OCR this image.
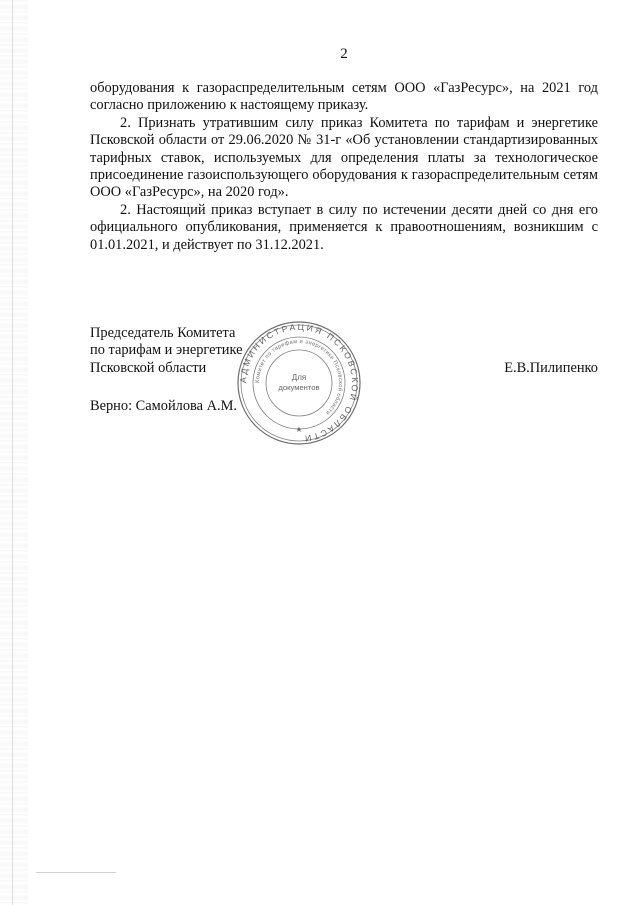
2

оборудования к газораспределительным сетям ООО «ГазРесурс», на 2021 год согласно приложению к настоящему приказу.

2. Признать утратившим силу приказ Комитета по тарифам и энергетике Псковской области от 29.06.2020 № 31-г «Об установлении стандартизированных тарифных ставок, используемых для определения платы за технологическое присоединение газоиспользующего оборудования к газораспределительным сетям ООО «ГазРесурс», на 2020 год».

2. Настоящий приказ вступает в силу по истечении десяти дней со дня его официального опубликования, применяется к правоотношениям, возникшим с 01.01.2021, и действует по 31.12.2021.

Председатель Комитета
по тарифам и энергетике
Псковской области	Е.В.Пилипенко
Верно: Самойлова А.М.
АДМИНИСТРАЦИЯ ПСКОВСКОЙ ОБЛАСТИ
Комитет по тарифам и энергетике Псковской области
Для
документов
★
